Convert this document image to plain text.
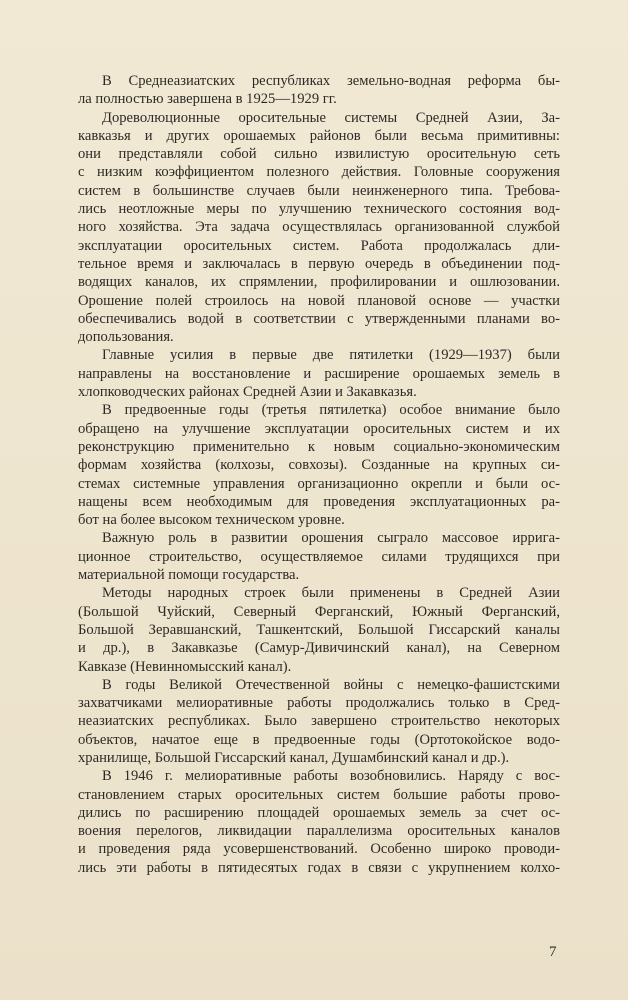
В Среднеазиатских республиках земельно-водная реформа бы-
ла полностью завершена в 1925—1929 гг.
Дореволюционные оросительные системы Средней Азии, За-
кавказья и других орошаемых районов были весьма примитивны:
они представляли собой сильно извилистую оросительную сеть
с низким коэффициентом полезного действия. Головные сооружения
систем в большинстве случаев были неинженерного типа. Требова-
лись неотложные меры по улучшению технического состояния вод-
ного хозяйства. Эта задача осуществлялась организованной службой
эксплуатации оросительных систем. Работа продолжалась дли-
тельное время и заключалась в первую очередь в объединении под-
водящих каналов, их спрямлении, профилировании и ошлюзовании.
Орошение полей строилось на новой плановой основе — участки
обеспечивались водой в соответствии с утвержденными планами во-
допользования.
Главные усилия в первые две пятилетки (1929—1937) были
направлены на восстановление и расширение орошаемых земель в
хлопководческих районах Средней Азии и Закавказья.
В предвоенные годы (третья пятилетка) особое внимание было
обращено на улучшение эксплуатации оросительных систем и их
реконструкцию применительно к новым социально-экономическим
формам хозяйства (колхозы, совхозы). Созданные на крупных си-
стемах системные управления организационно окрепли и были ос-
нащены всем необходимым для проведения эксплуатационных ра-
бот на более высоком техническом уровне.
Важную роль в развитии орошения сыграло массовое ирригa-
ционное строительство, осуществляемое силами трудящихся при
материальной помощи государства.
Методы народных строек были применены в Средней Азии
(Большой Чуйский, Северный Ферганский, Южный Ферганский,
Большой Зеравшанский, Ташкентский, Большой Гиссарский каналы
и др.), в Закавказье (Самур-Дивичинский канал), на Северном
Кавказе (Невинномысский канал).
В годы Великой Отечественной войны с немецко-фашистскими
захватчиками мелиоративные работы продолжались только в Сред-
неазиатских республиках. Было завершено строительство некоторых
объектов, начатое еще в предвоенные годы (Ортотокойское водо-
хранилище, Большой Гиссарский канал, Душамбинский канал и др.).
В 1946 г. мелиоративные работы возобновились. Наряду с вос-
становлением старых оросительных систем большие работы прово-
дились по расширению площадей орошаемых земель за счет ос-
воения перелогов, ликвидации параллелизма оросительных каналов
и проведения ряда усовершенствований. Особенно широко проводи-
лись эти работы в пятидесятых годах в связи с укрупнением колхо-
7
